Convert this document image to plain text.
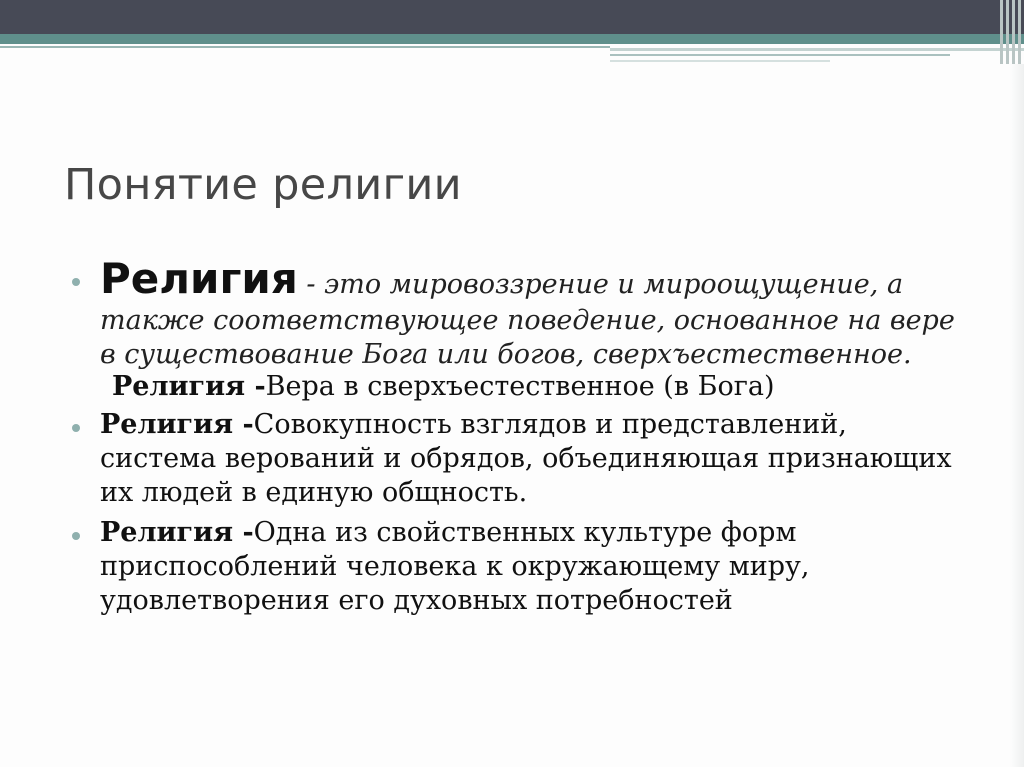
Понятие религии
Религия - это мировоззрение и мироощущение, а также соответствующее поведение, основанное на вере в существование Бога или богов, сверхъестественное.
Религия -Вера в сверхъестественное (в Бога)
Религия -Совокупность взглядов и представлений, система верований и обрядов, объединяющая признающих их людей в единую общность.
Религия -Одна из свойственных культуре форм приспособлений человека к окружающему миру, удовлетворения его духовных потребностей
